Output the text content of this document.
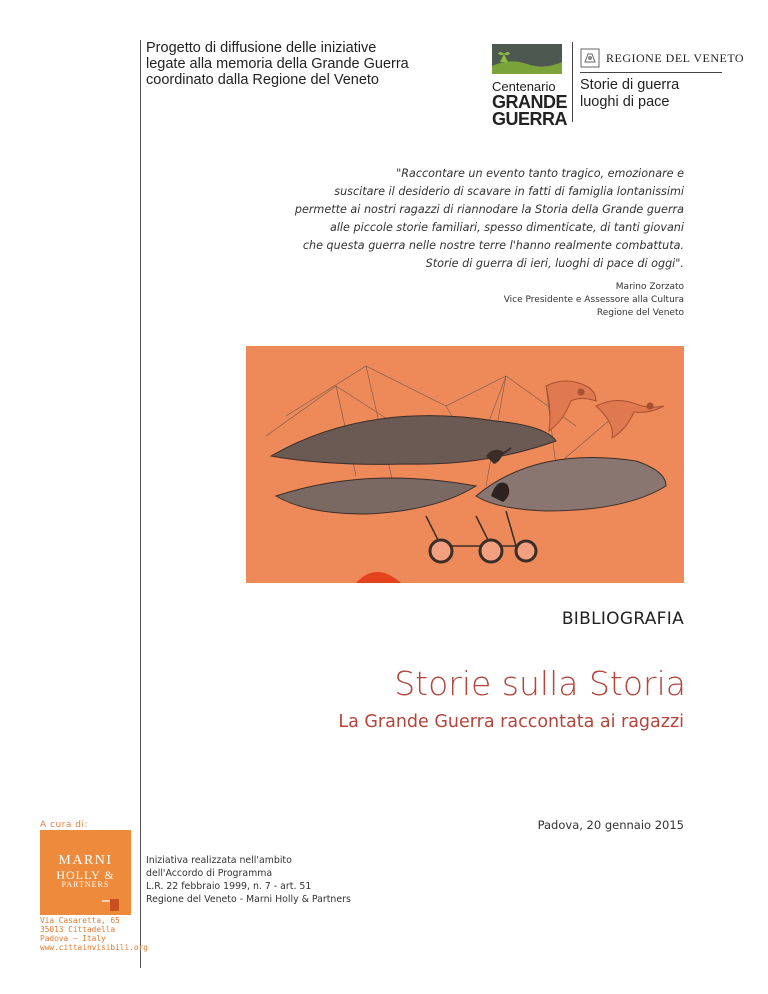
Progetto di diffusione delle iniziative
legate alla memoria della Grande Guerra
coordinato dalla Regione del Veneto	Centenario
GRANDE
GUERRA
REGIONE DEL VENETO
Storie di guerra
luoghi di pace
"Raccontare un evento tanto tragico, emozionare e
suscitare il desiderio di scavare in fatti di famiglia lontanissimi
permette ai nostri ragazzi di riannodare la Storia della Grande guerra
alle piccole storie familiari, spesso dimenticate, di tanti giovani
che questa guerra nelle nostre terre l'hanno realmente combattuta.
Storie di guerra di ieri, luoghi di pace di oggi".
Marino Zorzato
Vice Presidente e Assessore alla Cultura
Regione del Veneto
BIBLIOGRAFIA
Storie sulla Storia
La Grande Guerra raccontata ai ragazzi
A cura di:	Padova, 20 gennaio 2015
MARNI
HOLLY &
PARTNERS
Iniziativa realizzata nell'ambito
dell'Accordo di Programma
L.R. 22 febbraio 1999, n. 7 - art. 51
Regione del Veneto - Marni Holly & Partners
Via Casaretta, 65
35013 Cittadella
Padova – Italy
www.cittainvisibili.org
